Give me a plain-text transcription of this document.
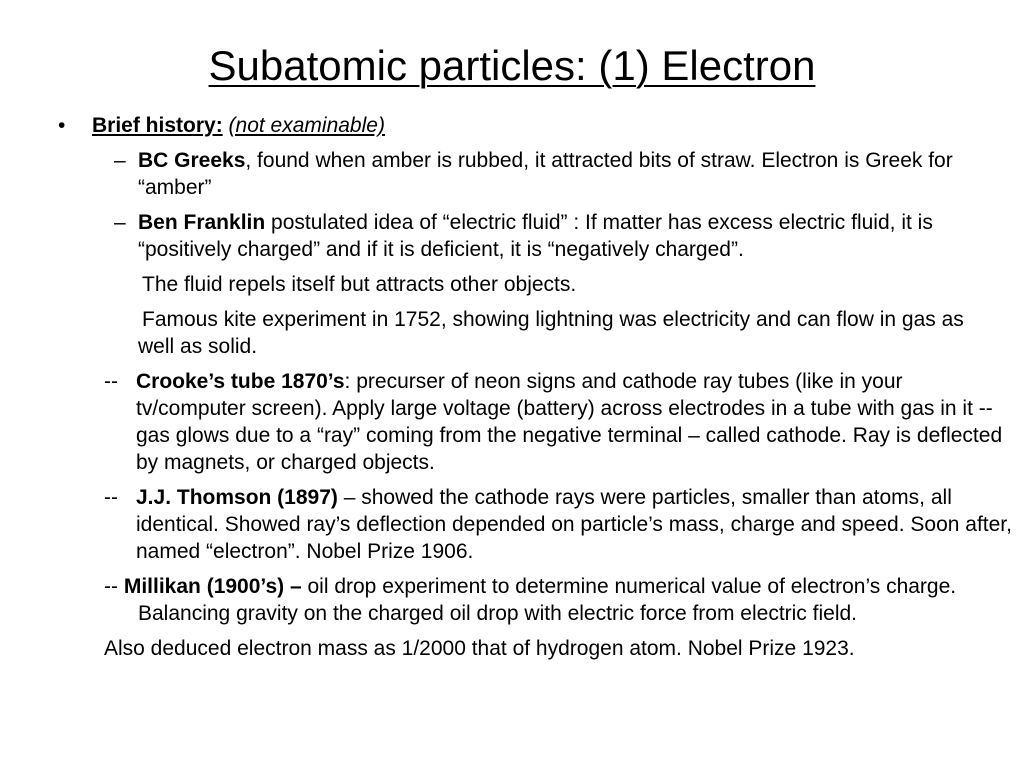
Subatomic particles: (1) Electron
• Brief history: (not examinable)
– BC Greeks, found when amber is rubbed, it attracted bits of straw. Electron is Greek for “amber”
– Ben Franklin postulated idea of “electric fluid” : If matter has excess electric fluid, it is “positively charged” and if it is deficient, it is “negatively charged”.
The fluid repels itself but attracts other objects.
Famous kite experiment in 1752, showing lightning was electricity and can flow in gas as well as solid.
-- Crooke’s tube 1870’s: precurser of neon signs and cathode ray tubes (like in your tv/computer screen). Apply large voltage (battery) across electrodes in a tube with gas in it -- gas glows due to a “ray” coming from the negative terminal – called cathode. Ray is deflected by magnets, or charged objects.
-- J.J. Thomson (1897) – showed the cathode rays were particles, smaller than atoms, all identical. Showed ray’s deflection depended on particle’s mass, charge and speed. Soon after, named “electron”. Nobel Prize 1906.
-- Millikan (1900’s) – oil drop experiment to determine numerical value of electron’s charge. Balancing gravity on the charged oil drop with electric force from electric field.
Also deduced electron mass as 1/2000 that of hydrogen atom. Nobel Prize 1923.
